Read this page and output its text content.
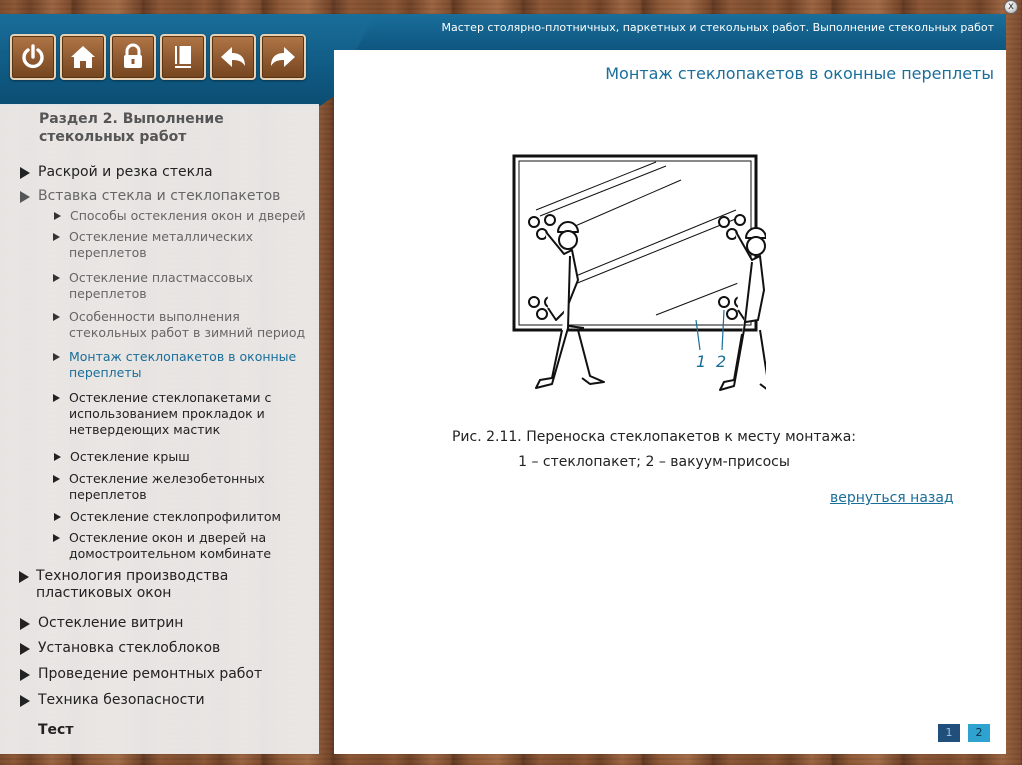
Мастер столярно-плотничных, паркетных и стекольных работ. Выполнение стекольных работ
x
Раздел 2. Выполнение стекольных работ
Раскрой и резка стекла
Вставка стекла и стеклопакетов
Способы остекления окон и дверей
Остекление металлических переплетов
Остекление пластмассовых переплетов
Особенности выполнения стекольных работ в зимний период
Монтаж стеклопакетов в оконные переплеты
Остекление стеклопакетами с использованием прокладок и нетвердеющих мастик
Остекление крыш
Остекление железобетонных переплетов
Остекление стеклопрофилитом
Остекление окон и дверей на домостроительном комбинате
Технология производства пластиковых окон
Остекление витрин
Установка стеклоблоков
Проведение ремонтных работ
Техника безопасности
Тест
Монтаж стеклопакетов в оконные переплеты
1 2
Рис. 2.11. Переноска стеклопакетов к месту монтажа:
1 – стеклопакет; 2 – вакуум-присосы
вернуться назад
1	2
